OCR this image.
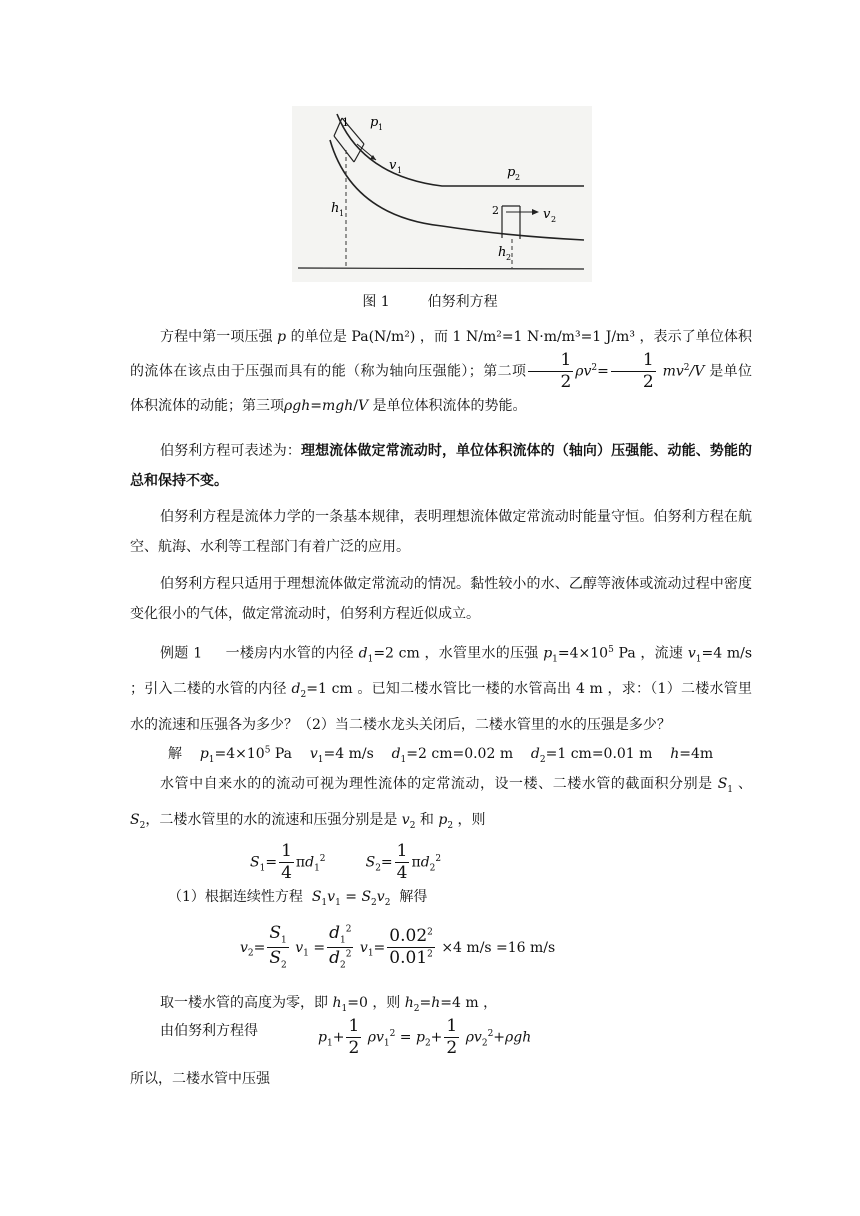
1 p 1
v 1	p 2
2	v 2
h 1
h 2
图 1	伯努利方程
方程中第一项压强 p 的单位是 Pa(N/m²) ，而 1 N/m²=1 N·m/m³=1 J/m³ ，表示了单位体积的流体在该点由于压强而具有的能（称为轴向压强能）；第二项 $\frac{1}{2} \rho v^2= \frac{1}{2} mv^2/V$ 是单位体积流体的动能；第三项ρgh=mgh/V 是单位体积流体的势能。
伯努利方程可表述为：理想流体做定常流动时，单位体积流体的（轴向）压强能、动能、势能的总和保持不变。
伯努利方程是流体力学的一条基本规律，表明理想流体做定常流动时能量守恒。伯努利方程在航空、航海、水利等工程部门有着广泛的应用。
伯努利方程只适用于理想流体做定常流动的情况。黏性较小的水、乙醇等液体或流动过程中密度变化很小的气体，做定常流动时，伯努利方程近似成立。
例题 1 一楼房内水管的内径 $d_1=2$ cm ，水管里水的压强 $p_1=4\times 10^5$ Pa ，流速 $v_1=4$ m/s ；引入二楼的水管的内径 $d_2=1$ cm 。已知二楼水管比一楼的水管高出 4 m ，求：（1）二楼水管里水的流速和压强各为多少？（2）当二楼水龙头关闭后，二楼水管里的水的压强是多少？
解 $p_1=4\times 10^5$ Pa    $v_1=4$ m/s    $d_1=2$ cm=0.02 m    $d_2=1$ cm=0.01 m    h=4m
水管中自来水的的流动可视为理性流体的定常流动，设一楼、二楼水管的截面积分别是 $S_1$ 、$S_2$，二楼水管里的水的流速和压强分别是是 $v_2$ 和 $p_2$ ，则
$S_1= \frac{1}{4} \pi d_1^2$	$S_2= \frac{1}{4} \pi d_2^2$
（1）根据连续性方程 $S_1v_1 = S_2v_2$ 解得
$v_2= \frac{S_1}{S_2} v_1 = \frac{d_1^2}{d_2^2} v_1= \frac{0.02^2}{0.01^2} \times 4$ m/s =16 m/s
取一楼水管的高度为零，即 $h_1=0$ ，则 $h_2=h=4$ m ，
由伯努利方程得	$p_1+ \frac{1}{2} \rho v_1^2 = p_2+ \frac{1}{2} \rho v_2^2+\rho gh$
所以，二楼水管中压强
